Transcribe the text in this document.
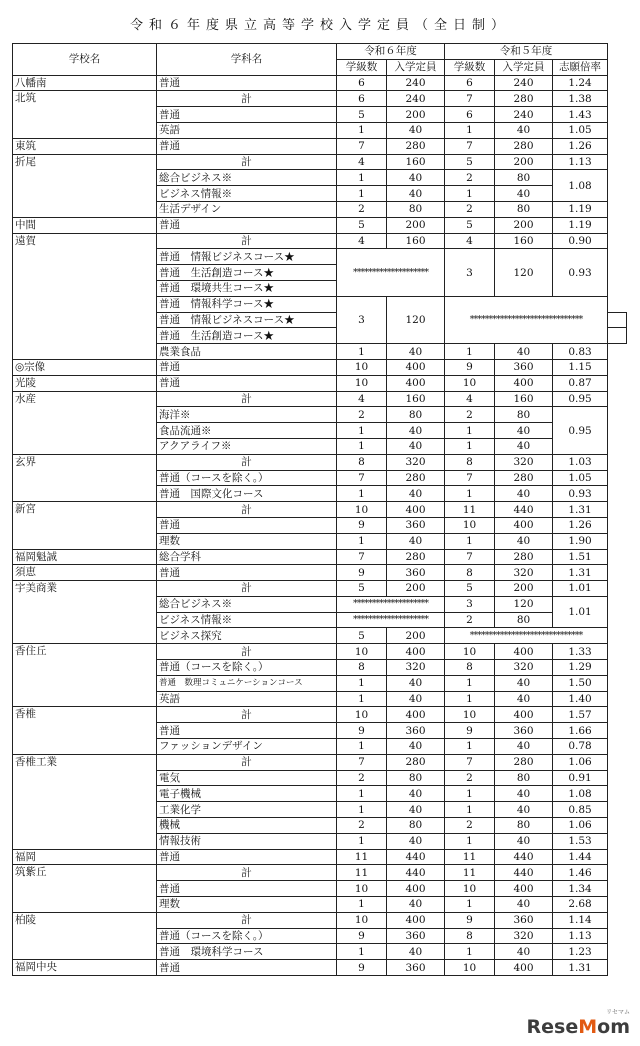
令和６年度県立高等学校入学定員（全日制）
学校名	学科名	令和６年度		令和５年度			
		学級数	入学定員	学級数	入学定員	志願倍率	
八幡南	普通	6	240	6	240	1.24	
北筑	計	6	240	7	280	1.38	
	普通	5	200	6	240	1.43	
	英語	1	40	1	40	1.05	
東筑	普通	7	280	7	280	1.26	
折尾	計	4	160	5	200	1.13	
	総合ビジネス※	1	40	2	80	1.08	
	ビジネス情報※	1	40	1	40		
	生活デザイン	2	80	2	80	1.19	
中間	普通	5	200	5	200	1.19	
遠賀	計	4	160	4	160	0.90	
	普通　情報ビジネスコース★	********************		3	120	0.93	
	普通　生活創造コース★						
	普通　環境共生コース★						
	普通　情報科学コース★	3	120	******************************			
	普通　情報ビジネスコース★						
	普通　生活創造コース★						
	農業食品	1	40	1	40	0.83	
◎宗像	普通	10	400	9	360	1.15	
光陵	普通	10	400	10	400	0.87	
水産	計	4	160	4	160	0.95	
	海洋※	2	80	2	80	0.95	
	食品流通※	1	40	1	40		
	アクアライフ※	1	40	1	40		
玄界	計	8	320	8	320	1.03	
	普通（コースを除く。）	7	280	7	280	1.05	
	普通　国際文化コース	1	40	1	40	0.93	
新宮	計	10	400	11	440	1.31	
	普通	9	360	10	400	1.26	
	理数	1	40	1	40	1.90	
福岡魁誠	総合学科	7	280	7	280	1.51	
須恵	普通	9	360	8	320	1.31	
宇美商業	計	5	200	5	200	1.01	
	総合ビジネス※	********************		3	120	1.01	
	ビジネス情報※	********************		2	80		
	ビジネス探究	5	200	******************************			
香住丘	計	10	400	10	400	1.33	
	普通（コースを除く。）	8	320	8	320	1.29	
	普通　数理コミュニケーションコース	1	40	1	40	1.50	
	英語	1	40	1	40	1.40	
香椎	計	10	400	10	400	1.57	
	普通	9	360	9	360	1.66	
	ファッションデザイン	1	40	1	40	0.78	
香椎工業	計	7	280	7	280	1.06	
	電気	2	80	2	80	0.91	
	電子機械	1	40	1	40	1.08	
	工業化学	1	40	1	40	0.85	
	機械	2	80	2	80	1.06	
	情報技術	1	40	1	40	1.53	
福岡	普通	11	440	11	440	1.44	
筑紫丘	計	11	440	11	440	1.46	
	普通	10	400	10	400	1.34	
	理数	1	40	1	40	2.68	
柏陵	計	10	400	9	360	1.14	
	普通（コースを除く。）	9	360	8	320	1.13	
	普通　環境科学コース	1	40	1	40	1.23	
福岡中央	普通	9	360	10	400	1.31	
リセマム
ReseMom
